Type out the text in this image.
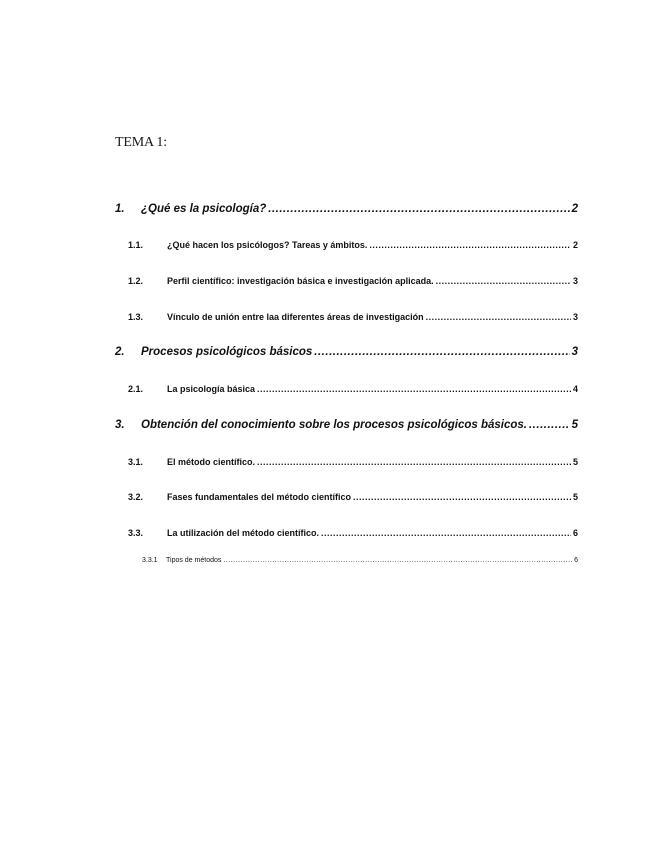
TEMA 1:
1.	¿Qué es la psicología? .....	2
1.1.	¿Qué hacen los psicólogos? Tareas y ámbitos. .....	2
1.2.	Perfil científico: investigación básica e investigación aplicada. .....	3
1.3.	Vínculo de unión entre laa diferentes áreas de investigación .....	3
2.	Procesos psicológicos básicos .....	3
2.1.	La psicología básica .....	4
3.	Obtención del conocimiento sobre los procesos psicológicos básicos. .....	5
3.1.	El método científico. .....	5
3.2.	Fases fundamentales del método científico .....	5
3.3.	La utilización del método científico. .....	6
3.3.1	Tipos de métodos .....	6
